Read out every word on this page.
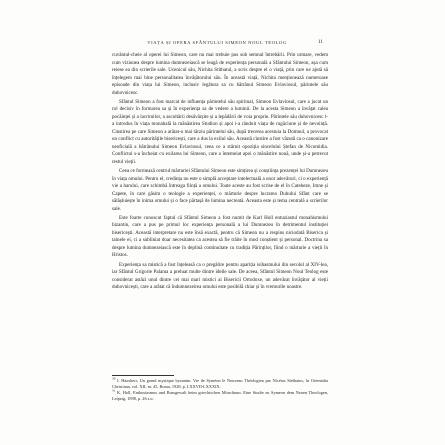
VIAȚA ȘI OPERA SFÂNTULUI SIMEON NOUL TEOLOG	11

cuvântul-cheie al operei lui Simeon, care nu mai trebuie pus sub semnul întrebării. Prin urmare, vedem cum viziunea despre lumina dumnezeiască se leagă de experiența personală a Sfântului Simeon, așa cum reiese ea din scrierile sale. Ucenicul său, Nichita Stithatul, a scris despre el o viață, prin care ne ajută să înțelegem mai bine personalitatea învățătorului său. În această viață, Nichita menționează numeroase episoade din viața lui Simeon, inclusiv legătura sa cu bătrânul Simeon Evlaviosul, părintele său duhovnicesc.

Sfântul Simeon a fost marcat de influența părintelui său spiritual, Simeon Evlaviosul, care a jucat un rol decisiv în formarea sa și în experiența sa de vedere a luminii. De la acesta Simeon a învățat calea pocăinței și a lacrimilor, a ascultării desăvârșite și a lepădării de voia proprie. Părintele său duhovnicesc l-a introdus în viața monahală la mănăstirea Studion și apoi i-a rânduit viața de rugăciune și de nevoință. Cinstirea pe care Simeon a arătat-o mai târziu părintelui său, după trecerea acestuia la Domnul, a provocat un conflict cu autoritățile bisericești, care a dus la exilul său. Această cinstire a fost văzută ca o canonizare neoficială a bătrânului Simeon Evlaviosul, ceea ce a stârnit opoziția sincelului Ștefan de Nicomidia. Conflictul s-a încheiat cu exilarea lui Simeon, care a întemeiat apoi o mănăstire nouă, unde și-a petrecut restul vieții.

Ceea ce formează centrul mărturiei Sfântului Simeon este simțirea și conștiința prezenței lui Dumnezeu în viața omului. Pentru el, credința nu este o simplă acceptare intelectuală a unor adevăruri, ci o experiență vie a harului, care schimbă întreaga ființă a omului. Toate aceste au fost scrise de el în Cateheze, Imne și Capete, în care găsim o teologie a experienței, o mărturie despre lucrarea Duhului Sfânt care se sălășluiește în inima omului și o face părtașă de lumina necreată. Aceasta este și tema centrală a scrierilor sale.

Este foarte cunoscut faptul că Sfântul Simeon a fost numit de Karl Holl entuziastul monahismului bizantin, care a pus pe primul loc experiența personală a lui Dumnezeu în detrimentul instituției bisericești. Această interpretare nu este însă exactă, pentru că Simeon nu a respins niciodată Biserica și tainele ei, ci a subliniat doar necesitatea ca acestea să fie trăite în mod conștient și personal. Doctrina sa despre lumina dumnezeiască este în deplină continuitate cu tradiția Părinților, fiind o mărturie a vieții în Hristos.

Experiența sa mistică a fost înțeleasă ca o pregătire pentru apariția isihasmului din secolul al XIV-lea, iar Sfântul Grigorie Palama a preluat multe dintre ideile sale. De aceea, Sfântul Simeon Noul Teolog este considerat astăzi unul dintre cei mai mari mistici ai Bisericii Ortodoxe, un adevărat învățător al vieții duhovnicești, care a arătat că îndumnezeirea omului este posibilă chiar și în vremurile noastre.

$^{30}$ I. Hausherr, Un grand mystique byzantin. Vie de Syméon le Nouveau Théologien par Nicétas Stéthatos, în Orientalia Christiana, vol. XII, nr. 45, Roma, 1928, p. LXXVII-LXXXIX.

$^{31}$ K. Holl, Enthusiasmus und Bussgewalt beim griechischen Mönchtum. Eine Studie zu Symeon dem Neuen Theologen, Leipzig, 1898, p. 26 s.u.
